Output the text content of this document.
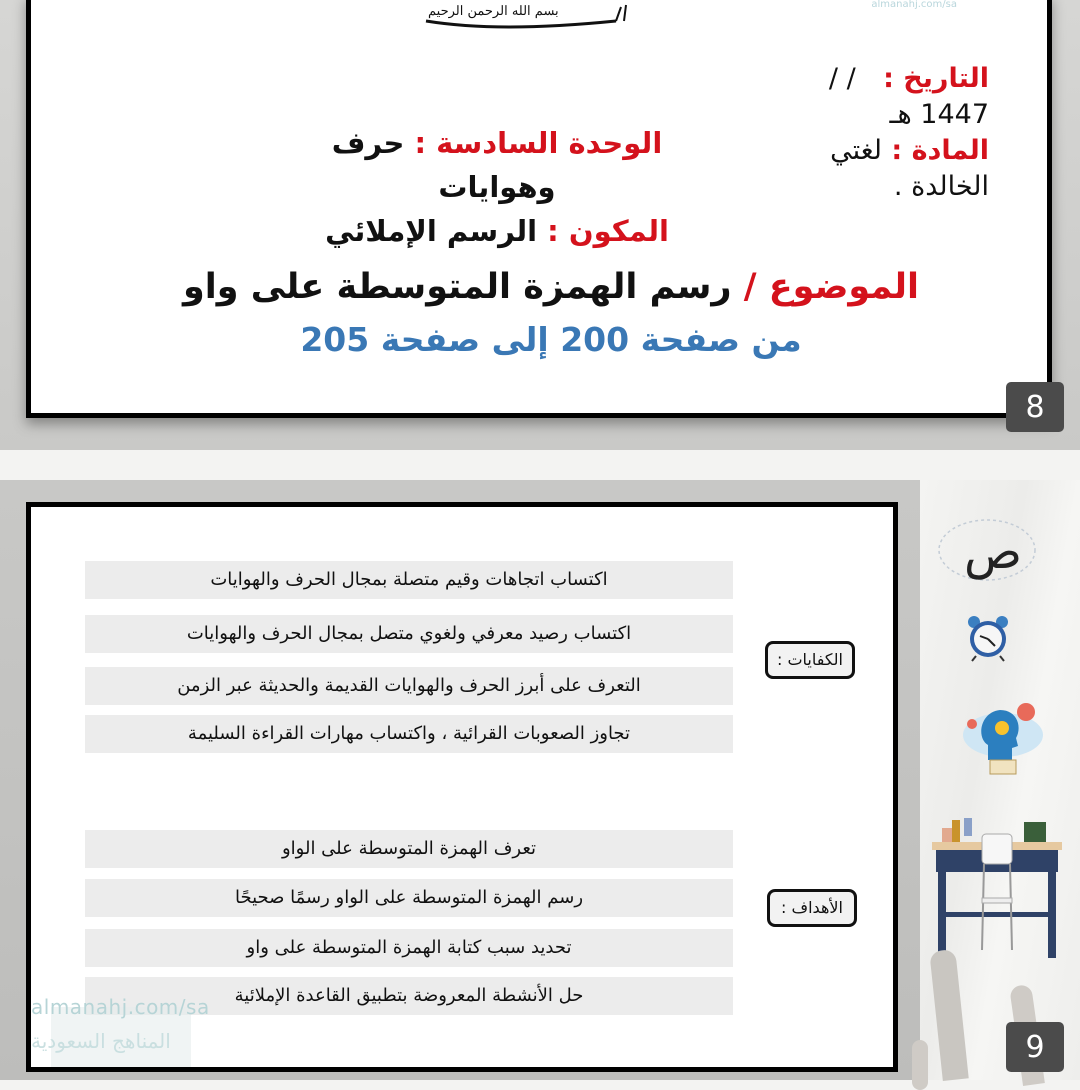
بسم الله الرحمن الرحيم	almanahj.com/sa
التاريخ : / /
1447 هـ
المادة : لغتي الخالدة .
الوحدة السادسة : حرف وهوايات
المكون : الرسم الإملائي
الموضوع / رسم الهمزة المتوسطة على واو
من صفحة 200 إلى صفحة 205
8
ص
اكتساب اتجاهات وقيم متصلة بمجال الحرف والهوايات
اكتساب رصيد معرفي ولغوي متصل بمجال الحرف والهوايات
التعرف على أبرز الحرف والهوايات القديمة والحديثة عبر الزمن
تجاوز الصعوبات القرائية ، واكتساب مهارات القراءة السليمة
الكفايات :
تعرف الهمزة المتوسطة على الواو
رسم الهمزة المتوسطة على الواو رسمًا صحيحًا
تحديد سبب كتابة الهمزة المتوسطة على واو
حل الأنشطة المعروضة بتطبيق القاعدة الإملائية
الأهداف :
almanahj.com/sa
المناهج السعودية	9
